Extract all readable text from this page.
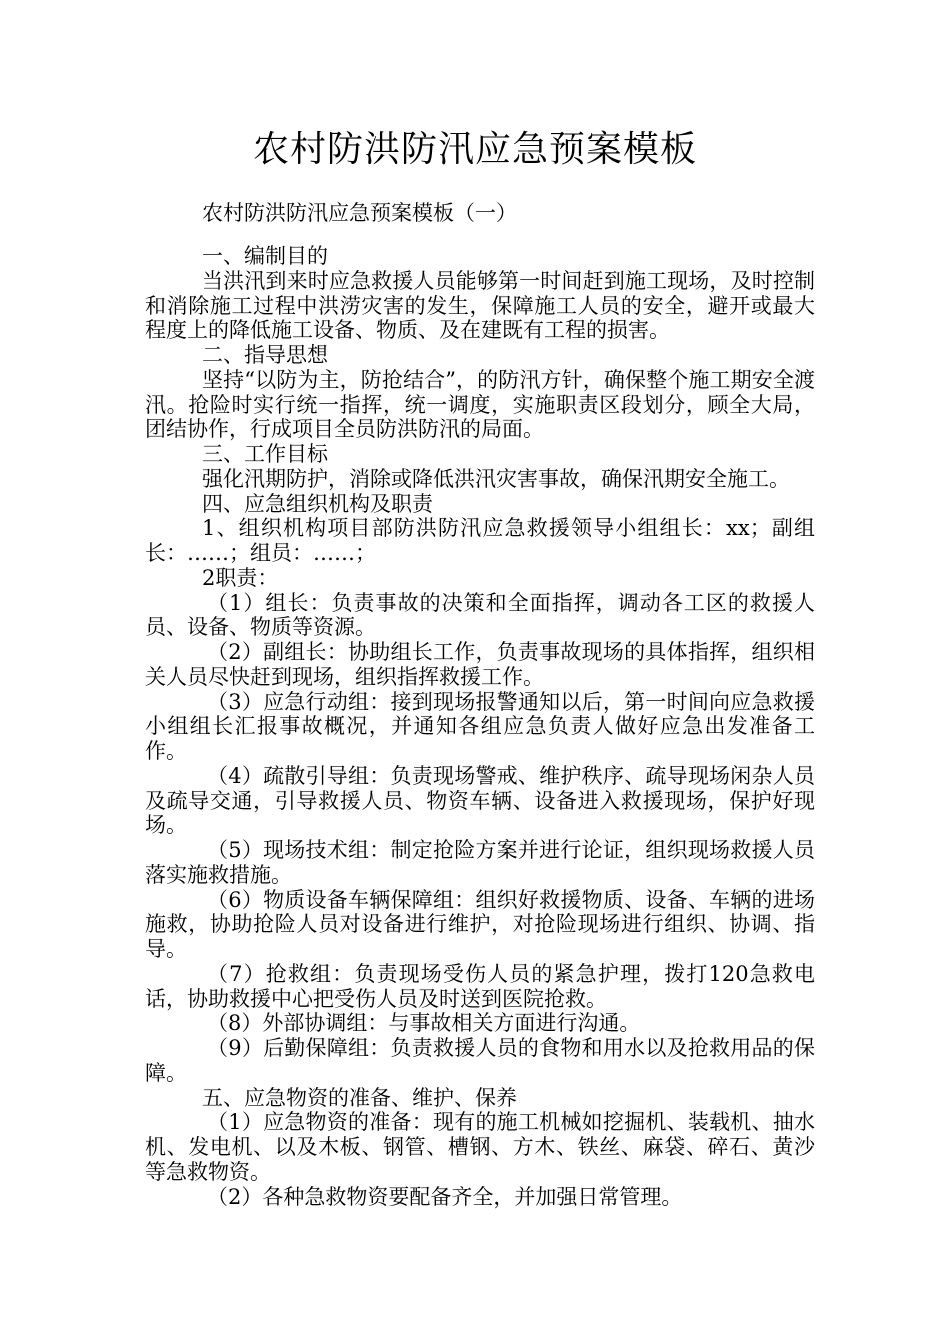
农村防洪防汛应急预案模板
农村防洪防汛应急预案模板（一）

一、编制目的

当洪汛到来时应急救援人员能够第一时间赶到施工现场，及时控制和消除施工过程中洪涝灾害的发生，保障施工人员的安全，避开或最大程度上的降低施工设备、物质、及在建既有工程的损害。

二、指导思想

坚持“以防为主，防抢结合”，的防汛方针，确保整个施工期安全渡汛。抢险时实行统一指挥，统一调度，实施职责区段划分，顾全大局，团结协作，行成项目全员防洪防汛的局面。

三、工作目标

强化汛期防护，消除或降低洪汛灾害事故，确保汛期安全施工。

四、应急组织机构及职责

1、组织机构项目部防洪防汛应急救援领导小组组长：xx；副组长：……；组员：……；

2职责：

（1）组长：负责事故的决策和全面指挥，调动各工区的救援人员、设备、物质等资源。

（2）副组长：协助组长工作，负责事故现场的具体指挥，组织相关人员尽快赶到现场，组织指挥救援工作。

（3）应急行动组：接到现场报警通知以后，第一时间向应急救援小组组长汇报事故概况，并通知各组应急负责人做好应急出发准备工作。

（4）疏散引导组：负责现场警戒、维护秩序、疏导现场闲杂人员及疏导交通，引导救援人员、物资车辆、设备进入救援现场，保护好现场。

（5）现场技术组：制定抢险方案并进行论证，组织现场救援人员落实施救措施。

（6）物质设备车辆保障组：组织好救援物质、设备、车辆的进场施救，协助抢险人员对设备进行维护，对抢险现场进行组织、协调、指导。

（7）抢救组：负责现场受伤人员的紧急护理，拨打120急救电话，协助救援中心把受伤人员及时送到医院抢救。

（8）外部协调组：与事故相关方面进行沟通。

（9）后勤保障组：负责救援人员的食物和用水以及抢救用品的保障。

五、应急物资的准备、维护、保养

（1）应急物资的准备：现有的施工机械如挖掘机、装载机、抽水机、发电机、以及木板、钢管、槽钢、方木、铁丝、麻袋、碎石、黄沙等急救物资。

（2）各种急救物资要配备齐全，并加强日常管理。
